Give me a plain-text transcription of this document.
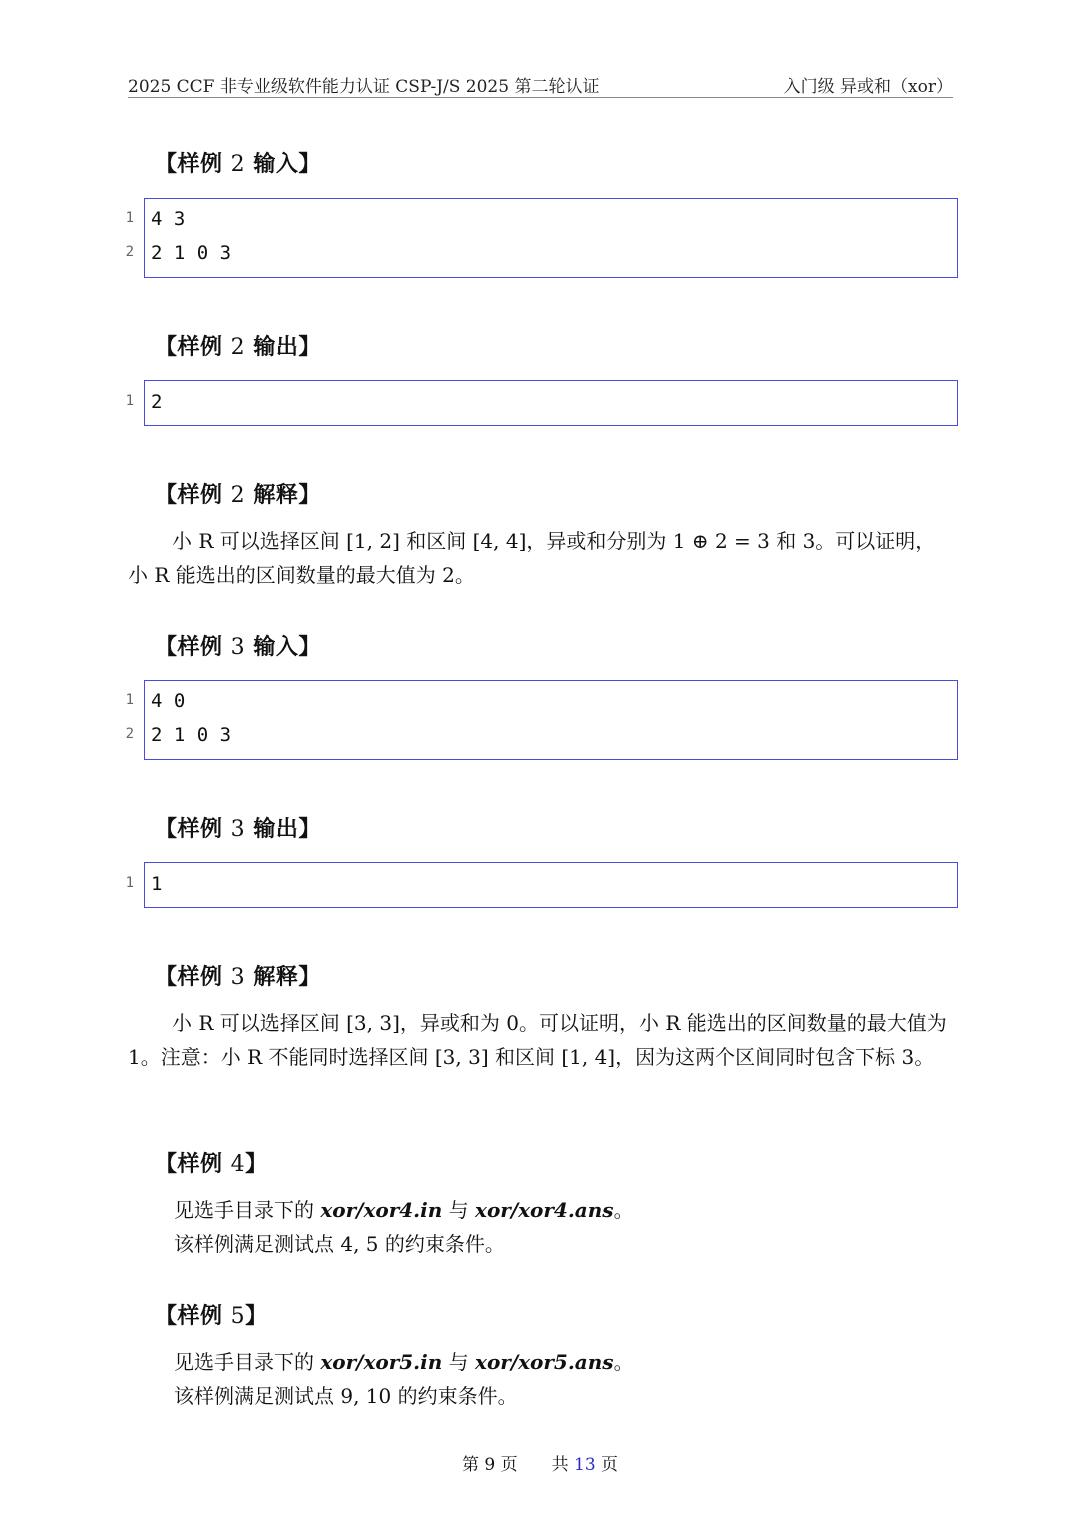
2025 CCF 非专业级软件能力认证 CSP-J/S 2025 第二轮认证	入门级 异或和（xor）
【样例 2 输入】
1 4 3
2 2 1 0 3
【样例 2 输出】
1 2
【样例 2 解释】

小 R 可以选择区间 [1, 2] 和区间 [4, 4]，异或和分别为 1 ⊕ 2 = 3 和 3。可以证明，小 R 能选出的区间数量的最大值为 2。

【样例 3 输入】
1 4 0
2 2 1 0 3
【样例 3 输出】
1 1
【样例 3 解释】

小 R 可以选择区间 [3, 3]，异或和为 0。可以证明，小 R 能选出的区间数量的最大值为 1。注意：小 R 不能同时选择区间 [3, 3] 和区间 [1, 4]，因为这两个区间同时包含下标 3。

【样例 4】
见选手目录下的 xor/xor4.in 与 xor/xor4.ans。
该样例满足测试点 4, 5 的约束条件。
【样例 5】
见选手目录下的 xor/xor5.in 与 xor/xor5.ans。
该样例满足测试点 9, 10 的约束条件。
第 9 页　　共 13 页
